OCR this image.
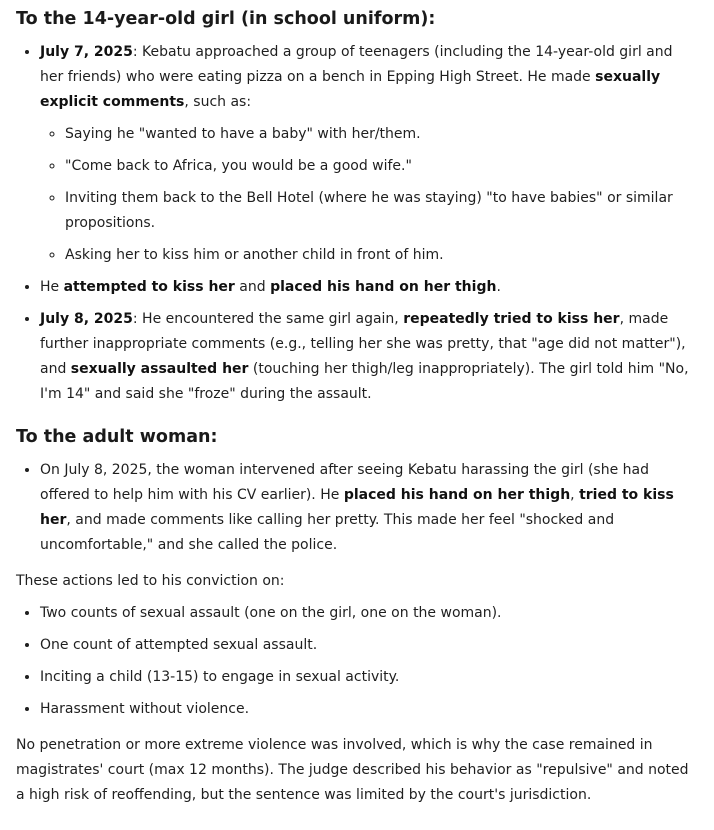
To the 14-year-old girl (in school uniform):
• July 7, 2025: Kebatu approached a group of teenagers (including the 14-year-old girl and her friends) who were eating pizza on a bench in Epping High Street. He made sexually explicit comments, such as:
◦ Saying he "wanted to have a baby" with her/them.
◦ "Come back to Africa, you would be a good wife."
◦ Inviting them back to the Bell Hotel (where he was staying) "to have babies" or similar propositions.
◦ Asking her to kiss him or another child in front of him.
• He attempted to kiss her and placed his hand on her thigh.
• July 8, 2025: He encountered the same girl again, repeatedly tried to kiss her, made further inappropriate comments (e.g., telling her she was pretty, that "age did not matter"), and sexually assaulted her (touching her thigh/leg inappropriately). The girl told him "No, I'm 14" and said she "froze" during the assault.
To the adult woman:
• On July 8, 2025, the woman intervened after seeing Kebatu harassing the girl (she had offered to help him with his CV earlier). He placed his hand on her thigh, tried to kiss her, and made comments like calling her pretty. This made her feel "shocked and uncomfortable," and she called the police.

These actions led to his conviction on:

• Two counts of sexual assault (one on the girl, one on the woman).
• One count of attempted sexual assault.
• Inciting a child (13-15) to engage in sexual activity.
• Harassment without violence.

No penetration or more extreme violence was involved, which is why the case remained in magistrates' court (max 12 months). The judge described his behavior as "repulsive" and noted a high risk of reoffending, but the sentence was limited by the court's jurisdiction.
